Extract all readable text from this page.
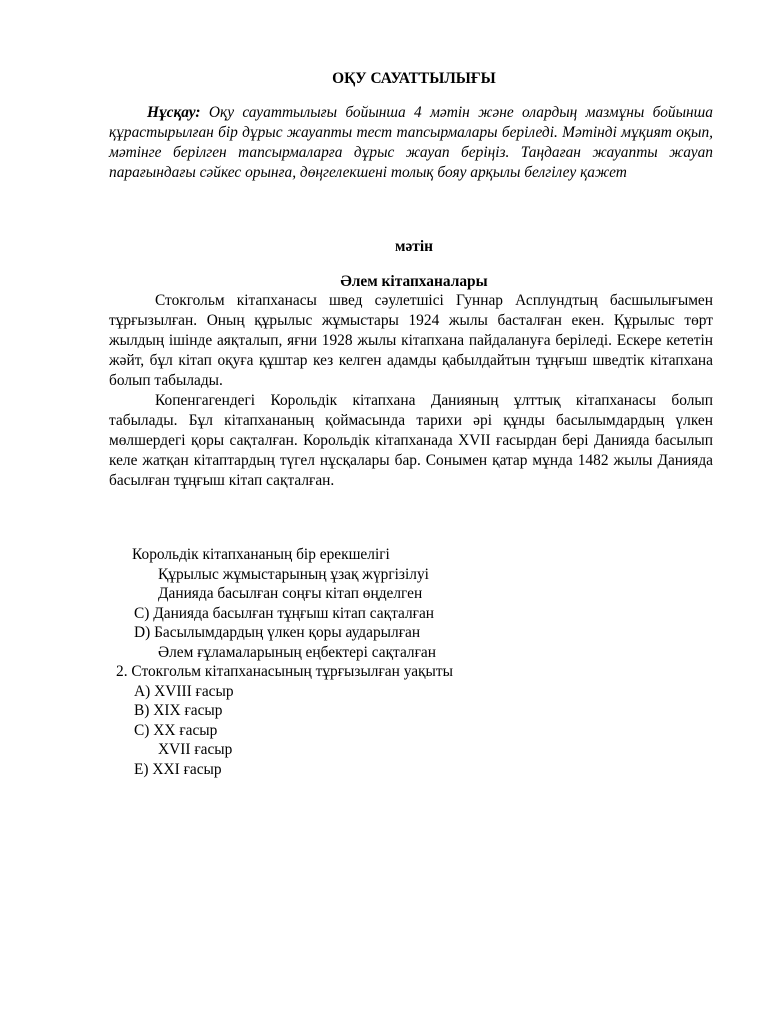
ОҚУ САУАТТЫЛЫҒЫ
Нұсқау: Оқу сауаттылығы бойынша 4 мәтін және олардың мазмұны бойынша құрастырылған бір дұрыс жауапты тест тапсырмалары беріледі. Мәтінді мұқият оқып, мәтінге берілген тапсырмаларға дұрыс жауап беріңіз. Таңдаған жауапты жауап парағындағы сәйкес орынға, дөңгелекшені толық бояу арқылы белгілеу қажет
мәтін
Әлем кітапханалары

Стокгольм кітапханасы швед сәулетшісі Гуннар Асплундтың басшылығымен тұрғызылған. Оның құрылыс жұмыстары 1924 жылы басталған екен. Құрылыс төрт жылдың ішінде аяқталып, яғни 1928 жылы кітапхана пайдалануға беріледі. Ескере кететін жәйт, бұл кітап оқуға құштар кез келген адамды қабылдайтын тұңғыш шведтік кітапхана болып табылады.

Копенгагендегі Корольдік кітапхана Данияның ұлттық кітапханасы болып табылады. Бұл кітапхананың қоймасында тарихи әрі құнды басылымдардың үлкен мөлшердегі қоры сақталған. Корольдік кітапханада XVII ғасырдан бері Данияда басылып келе жатқан кітаптардың түгел нұсқалары бар. Сонымен қатар мұнда 1482 жылы Данияда басылған тұңғыш кітап сақталған.

Корольдік кітапхананың бір ерекшелігі
Құрылыс жұмыстарының ұзақ жүргізілуі
Данияда басылған соңғы кітап өңделген
C) Данияда басылған тұңғыш кітап сақталған
D) Басылымдардың үлкен қоры аударылған
Әлем ғұламаларының еңбектері сақталған
2. Стокгольм кітапханасының тұрғызылған уақыты
A) XVIII ғасыр
B) XIX ғасыр
C) XX ғасыр
XVII ғасыр
E) XXI ғасыр
